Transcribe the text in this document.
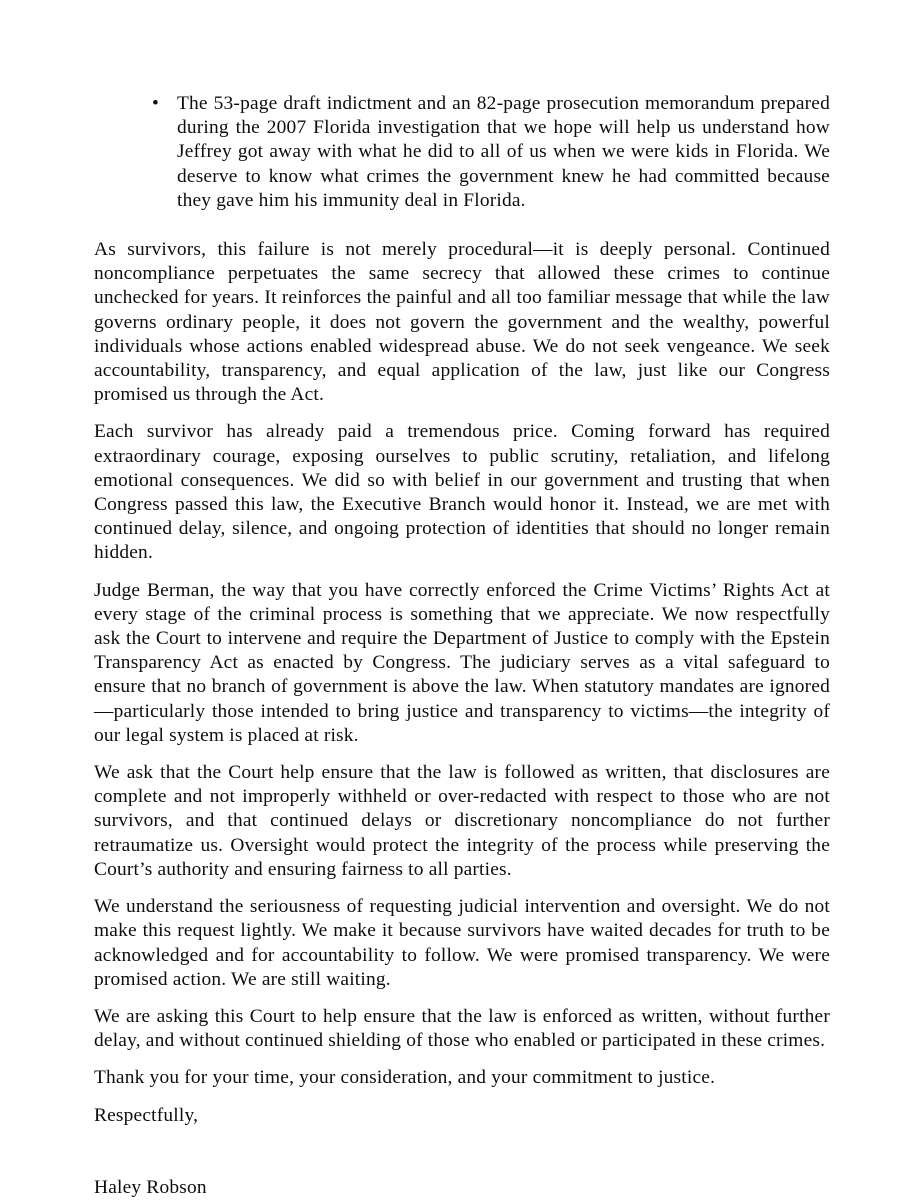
• The 53-page draft indictment and an 82-page prosecution memorandum prepared during the 2007 Florida investigation that we hope will help us understand how Jeffrey got away with what he did to all of us when we were kids in Florida. We deserve to know what crimes the government knew he had committed because they gave him his immunity deal in Florida.

As survivors, this failure is not merely procedural—it is deeply personal. Continued noncompliance perpetuates the same secrecy that allowed these crimes to continue unchecked for years. It reinforces the painful and all too familiar message that while the law governs ordinary people, it does not govern the government and the wealthy, powerful individuals whose actions enabled widespread abuse. We do not seek vengeance. We seek accountability, transparency, and equal application of the law, just like our Congress promised us through the Act.

Each survivor has already paid a tremendous price. Coming forward has required extraordinary courage, exposing ourselves to public scrutiny, retaliation, and lifelong emotional consequences. We did so with belief in our government and trusting that when Congress passed this law, the Executive Branch would honor it. Instead, we are met with continued delay, silence, and ongoing protection of identities that should no longer remain hidden.

Judge Berman, the way that you have correctly enforced the Crime Victims’ Rights Act at every stage of the criminal process is something that we appreciate. We now respectfully ask the Court to intervene and require the Department of Justice to comply with the Epstein Transparency Act as enacted by Congress. The judiciary serves as a vital safeguard to ensure that no branch of government is above the law. When statutory mandates are ignored—particularly those intended to bring justice and transparency to victims—the integrity of our legal system is placed at risk.

We ask that the Court help ensure that the law is followed as written, that disclosures are complete and not improperly withheld or over-redacted with respect to those who are not survivors, and that continued delays or discretionary noncompliance do not further retraumatize us. Oversight would protect the integrity of the process while preserving the Court’s authority and ensuring fairness to all parties.

We understand the seriousness of requesting judicial intervention and oversight. We do not make this request lightly. We make it because survivors have waited decades for truth to be acknowledged and for accountability to follow. We were promised transparency. We were promised action. We are still waiting.

We are asking this Court to help ensure that the law is enforced as written, without further delay, and without continued shielding of those who enabled or participated in these crimes.

Thank you for your time, your consideration, and your commitment to justice.

Respectfully,

Haley Robson
